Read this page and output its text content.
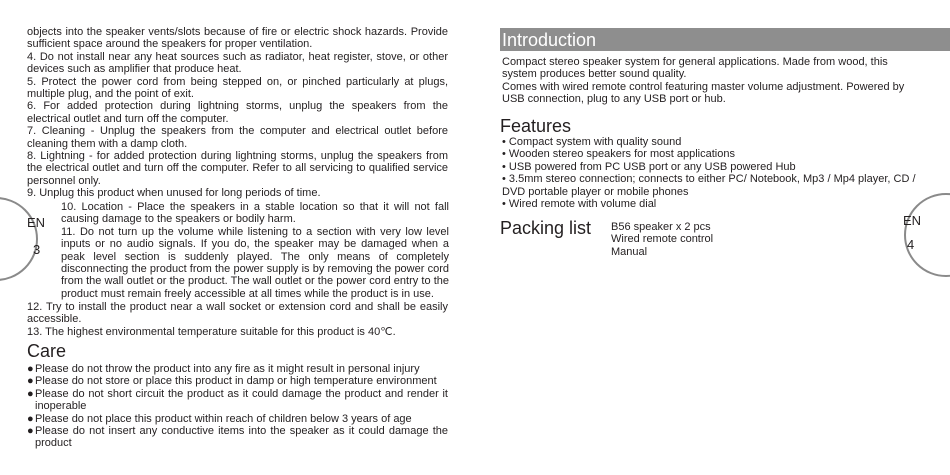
EN
3

objects into the speaker vents/slots because of fire or electric shock hazards. Provide sufficient space around the speakers for proper ventilation.

4. Do not install near any heat sources such as radiator, heat register, stove, or other devices such as amplifier that produce heat.

5. Protect the power cord from being stepped on, or pinched particularly at plugs, multiple plug, and the point of exit.

6. For added protection during lightning storms, unplug the speakers from the electrical outlet and turn off the computer.

7. Cleaning - Unplug the speakers from the computer and electrical outlet before cleaning them with a damp cloth.

8. Lightning - for added protection during lightning storms, unplug the speakers from the electrical outlet and turn off the computer. Refer to all servicing to qualified service personnel only.

9. Unplug this product when unused for long periods of time.

10. Location - Place the speakers in a stable location so that it will not fall causing damage to the speakers or bodily harm.

11. Do not turn up the volume while listening to a section with very low level inputs or no audio signals. If you do, the speaker may be damaged when a peak level section is suddenly played. The only means of completely disconnecting the product from the power supply is by removing the power cord from the wall outlet or the product. The wall outlet or the power cord entry to the product must remain freely accessible at all times while the product is in use.

12. Try to install the product near a wall socket or extension cord and shall be easily accessible.

13. The highest environmental temperature suitable for this product is 40℃.

Care
● Please do not throw the product into any fire as it might result in personal injury
● Please do not store or place this product in damp or high temperature environment
● Please do not short circuit the product as it could damage the product and render it inoperable
● Please do not place this product within reach of children below 3 years of age
● Please do not insert any conductive items into the speaker as it could damage the product
EN
4
Introduction

Compact stereo speaker system for general applications. Made from wood, this system produces better sound quality.

Comes with wired remote control featuring master volume adjustment. Powered by USB connection, plug to any USB port or hub.

Features
• Compact system with quality sound
• Wooden stereo speakers for most applications
• USB powered from PC USB port or any USB powered Hub
• 3.5mm stereo connection; connects to either PC/ Notebook, Mp3 / Mp4 player, CD / DVD portable player or mobile phones
• Wired remote with volume dial
Packing list B56 speaker x 2 pcs
Wired remote control
Manual
